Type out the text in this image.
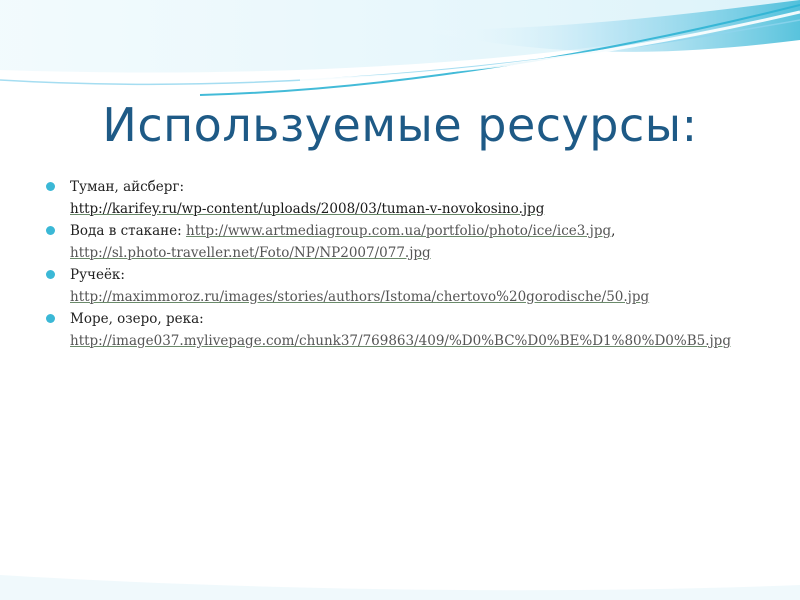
Используемые ресурсы:
Туман, айсберг:
http://karifey.ru/wp-content/uploads/2008/03/tuman-v-novokosino.jpg
Вода в стакане: http://www.artmediagroup.com.ua/portfolio/photo/ice/ice3.jpg,
http://sl.photo-traveller.net/Foto/NP/NP2007/077.jpg
Ручеёк:
http://maximmoroz.ru/images/stories/authors/Istoma/chertovo%20gorodische/50.jpg
Море, озеро, река:
http://image037.mylivepage.com/chunk37/769863/409/%D0%BC%D0%BE%D1%80%D0%B5.jpg
